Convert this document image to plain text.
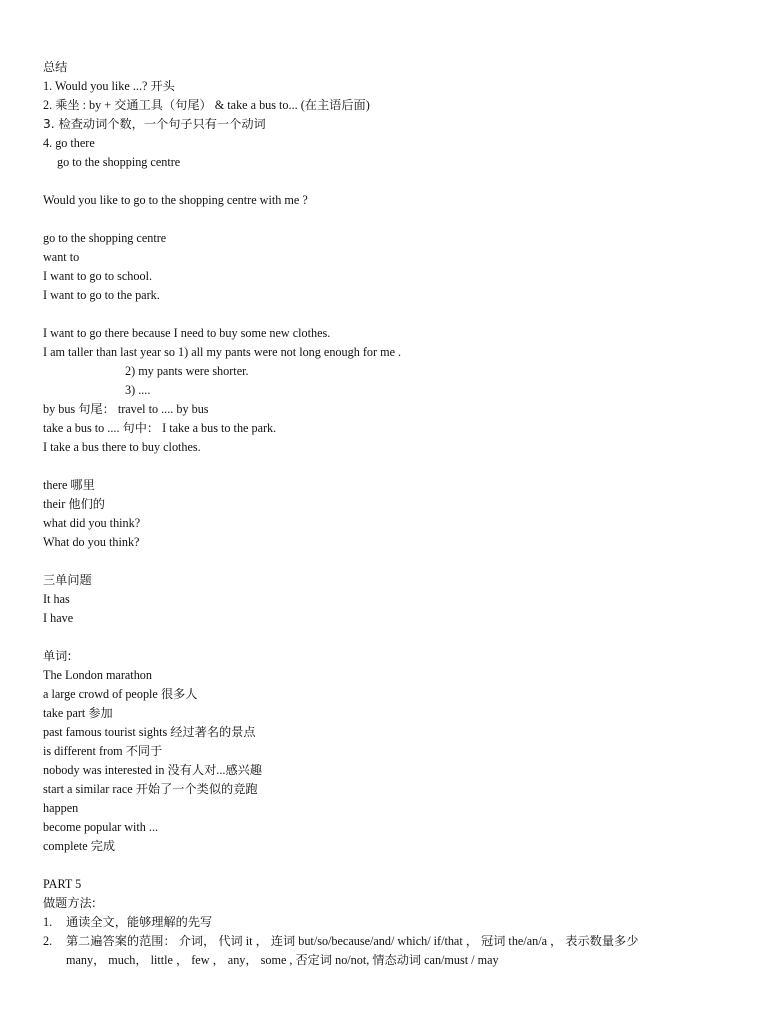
总结
1. Would you like ...? 开头
2. 乘坐 : by + 交通工具（句尾） & take a bus to... (在主语后面)
3. 检查动词个数，一个句子只有一个动词
4. go there
go to the shopping centre
Would you like to go to the shopping centre with me ?
go to the shopping centre
want to
I want to go to school.
I want to go to the park.
I want to go there because I need to buy some new clothes.
I am taller than last year so 1) all my pants were not long enough for me .
2) my pants were shorter.
3) ....
by bus 句尾： travel to .... by bus
take a bus to .... 句中： I take a bus to the park.
I take a bus there to buy clothes.
there 哪里
their 他们的
what did you think?
What do you think?
三单问题
It has
I have
单词:
The London marathon
a large crowd of people 很多人
take part 参加
past famous tourist sights 经过著名的景点
is different from 不同于
nobody was interested in 没有人对...感兴趣
start a similar race 开始了一个类似的竞跑
happen
become popular with ...
complete 完成
PART 5
做题方法:
1. 通读全文，能够理解的先写
2. 第二遍答案的范围： 介词， 代词 it ， 连词 but/so/because/and/ which/ if/that ， 冠词 the/an/a ， 表示数量多少
many， much， little ， few ， any， some , 否定词 no/not, 情态动词 can/must / may
